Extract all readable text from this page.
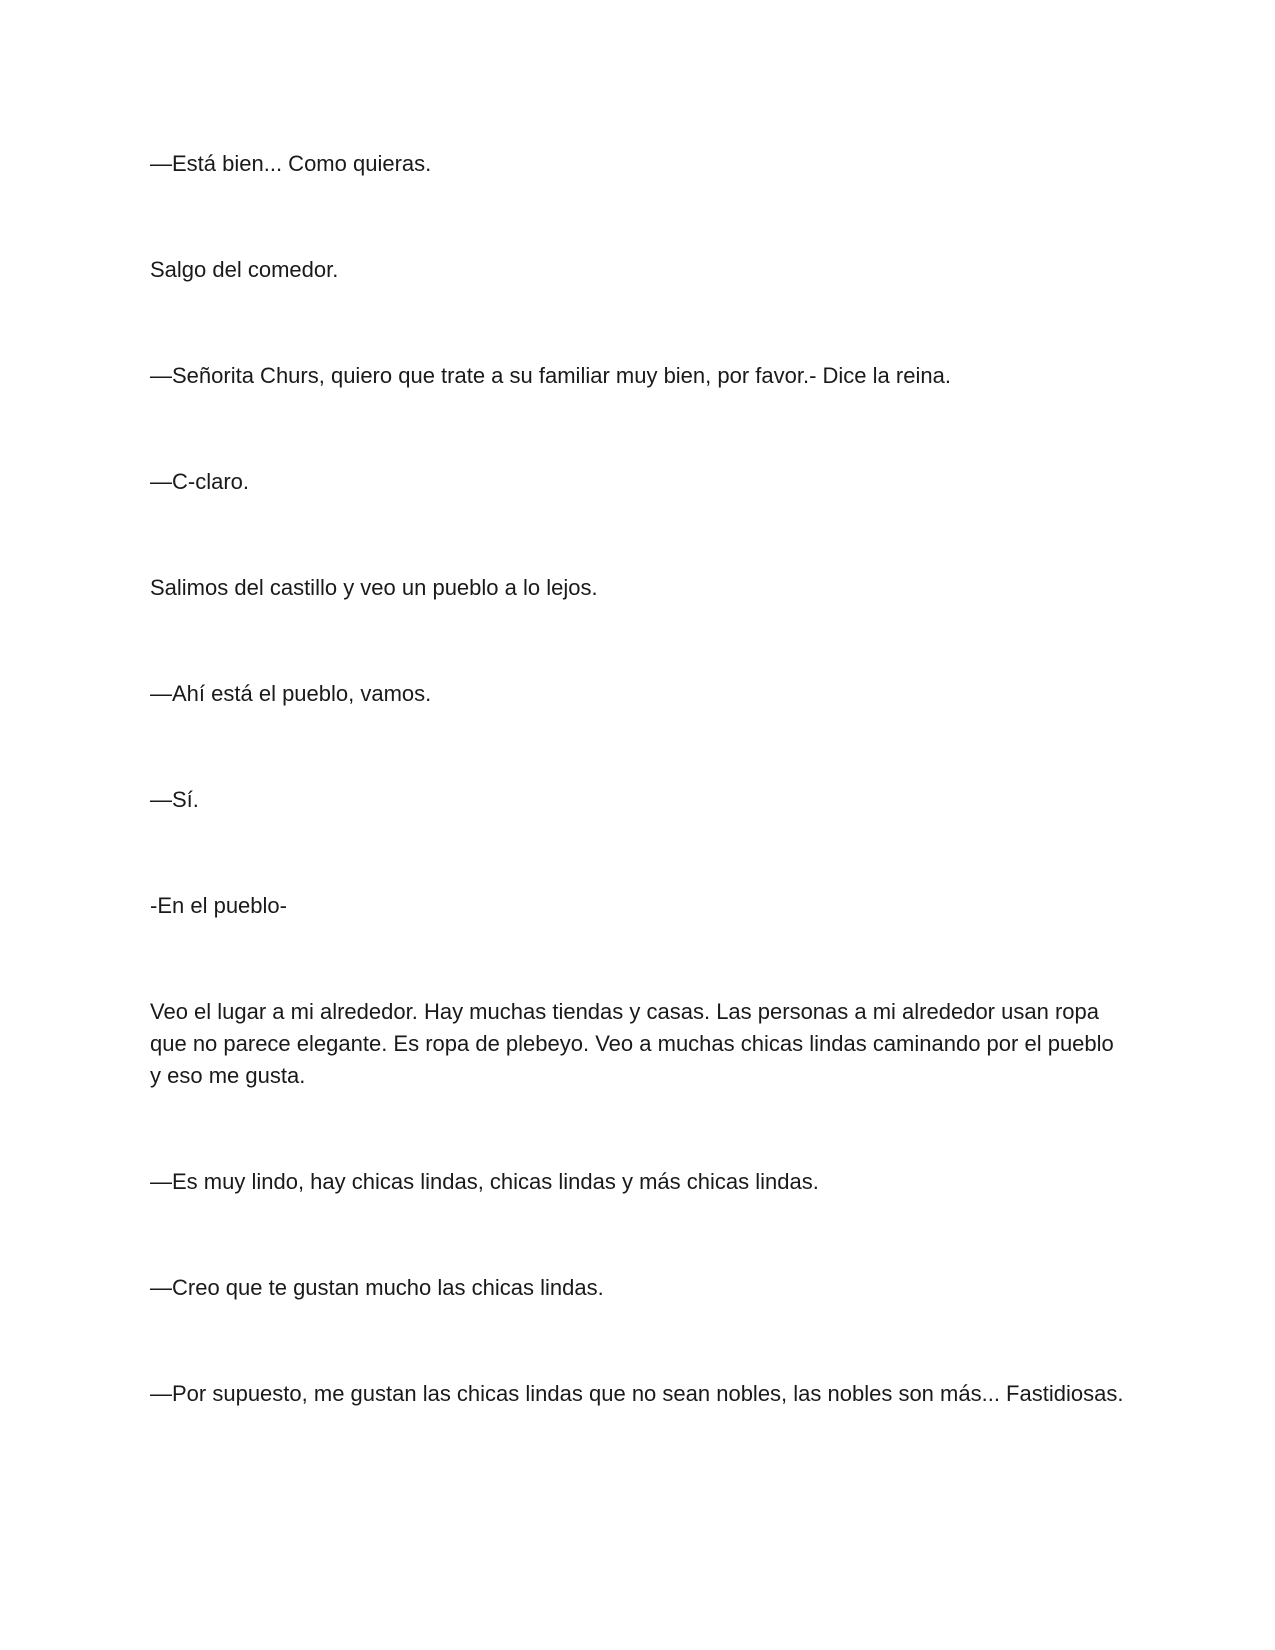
—Está bien... Como quieras.

Salgo del comedor.

—Señorita Churs, quiero que trate a su familiar muy bien, por favor.- Dice la reina.

—C-claro.

Salimos del castillo y veo un pueblo a lo lejos.

—Ahí está el pueblo, vamos.

—Sí.

-En el pueblo-

Veo el lugar a mi alrededor. Hay muchas tiendas y casas. Las personas a mi alrededor usan ropa que no parece elegante. Es ropa de plebeyo. Veo a muchas chicas lindas caminando por el pueblo y eso me gusta.

—Es muy lindo, hay chicas lindas, chicas lindas y más chicas lindas.

—Creo que te gustan mucho las chicas lindas.

—Por supuesto, me gustan las chicas lindas que no sean nobles, las nobles son más... Fastidiosas.
